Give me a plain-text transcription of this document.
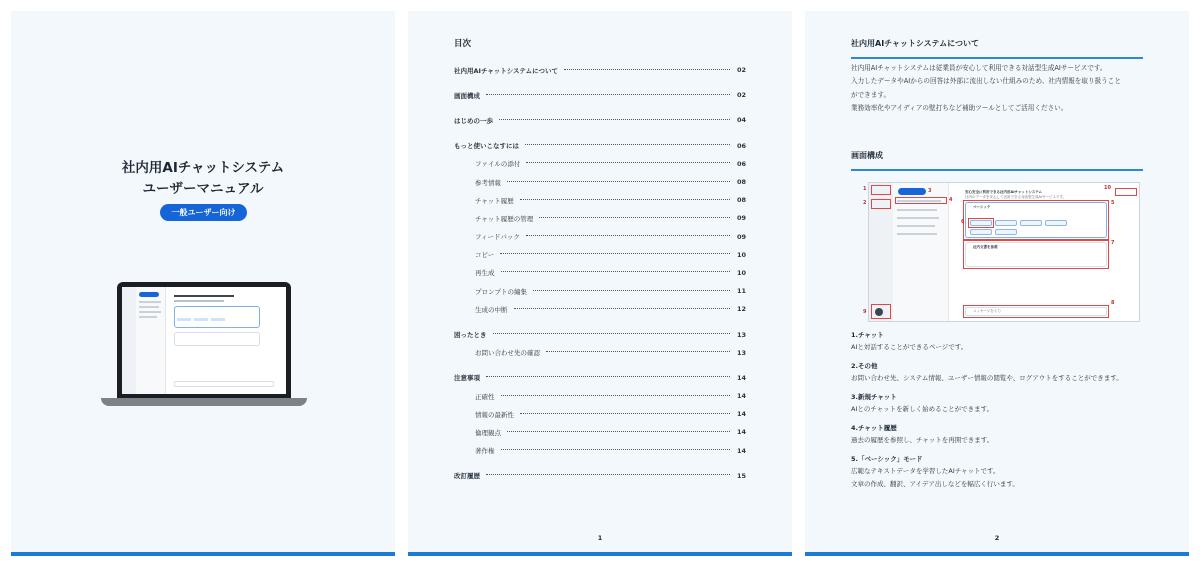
社内用AIチャットシステム
ユーザーマニュアル
一般ユーザー向け
目次
社内用AIチャットシステムについて	02
画面構成	02
はじめの一歩	04
もっと使いこなすには	06
ファイルの添付	06
参考情報	08
チャット履歴	08
チャット履歴の管理	09
フィードバック	09
コピー	10
再生成	10
プロンプトの編集	11
生成の中断	12
困ったとき	13
お問い合わせ先の確認	13
注意事項	14
正確性	14
情報の最新性	14
倫理観点	14
著作権	14
改訂履歴	15
1
社内用AIチャットシステムについて
社内用AIチャットシステムは従業員が安心して利用できる対話型生成AIサービスです。
入力したデータやAIからの回答は外部に流出しない仕組みのため、社内情報を取り扱うこと
ができます。
業務効率化やアイディアの壁打ちなど補助ツールとしてご活用ください。
画面構成
安心安全に利用できる社内用AIチャットシステム
社内のデータを安心して活用できる対話型生成AIサービスです。
ベーシック
社内文書を参照
メッセージを入力
1
2
3
4	5
6
7
8
9
10
1.チャット
AIと対話することができるページです。
2.その他
お問い合わせ先、システム情報、ユーザー情報の閲覧や、ログアウトをすることができます。
3.新規チャット
AIとのチャットを新しく始めることができます。
4.チャット履歴
過去の履歴を参照し、チャットを再開できます。
5.「ベーシック」モード
広範なテキストデータを学習したAIチャットです。
文章の作成、翻訳、アイデア出しなどを幅広く行います。
2
